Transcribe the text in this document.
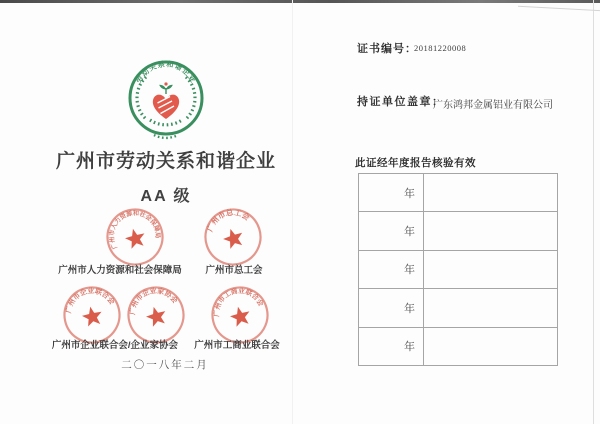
劳动关系和谐企业
广州市劳动关系和谐企业
AA 级
广州市人力资源和社会保障局
广州市总工会
广州市人力资源和社会保障局	广州市总工会
广州市企业联合会
广州市企业家协会
广州市工商业联合会
广州市企业联合会/企业家协会	广州市工商业联合会
二〇一八年二月
证书编号：
20181220008
持证单位盖章：
广东鸿邦金属铝业有限公司
此证经年度报告核验有效
年	
年	
年	
年	
年	
